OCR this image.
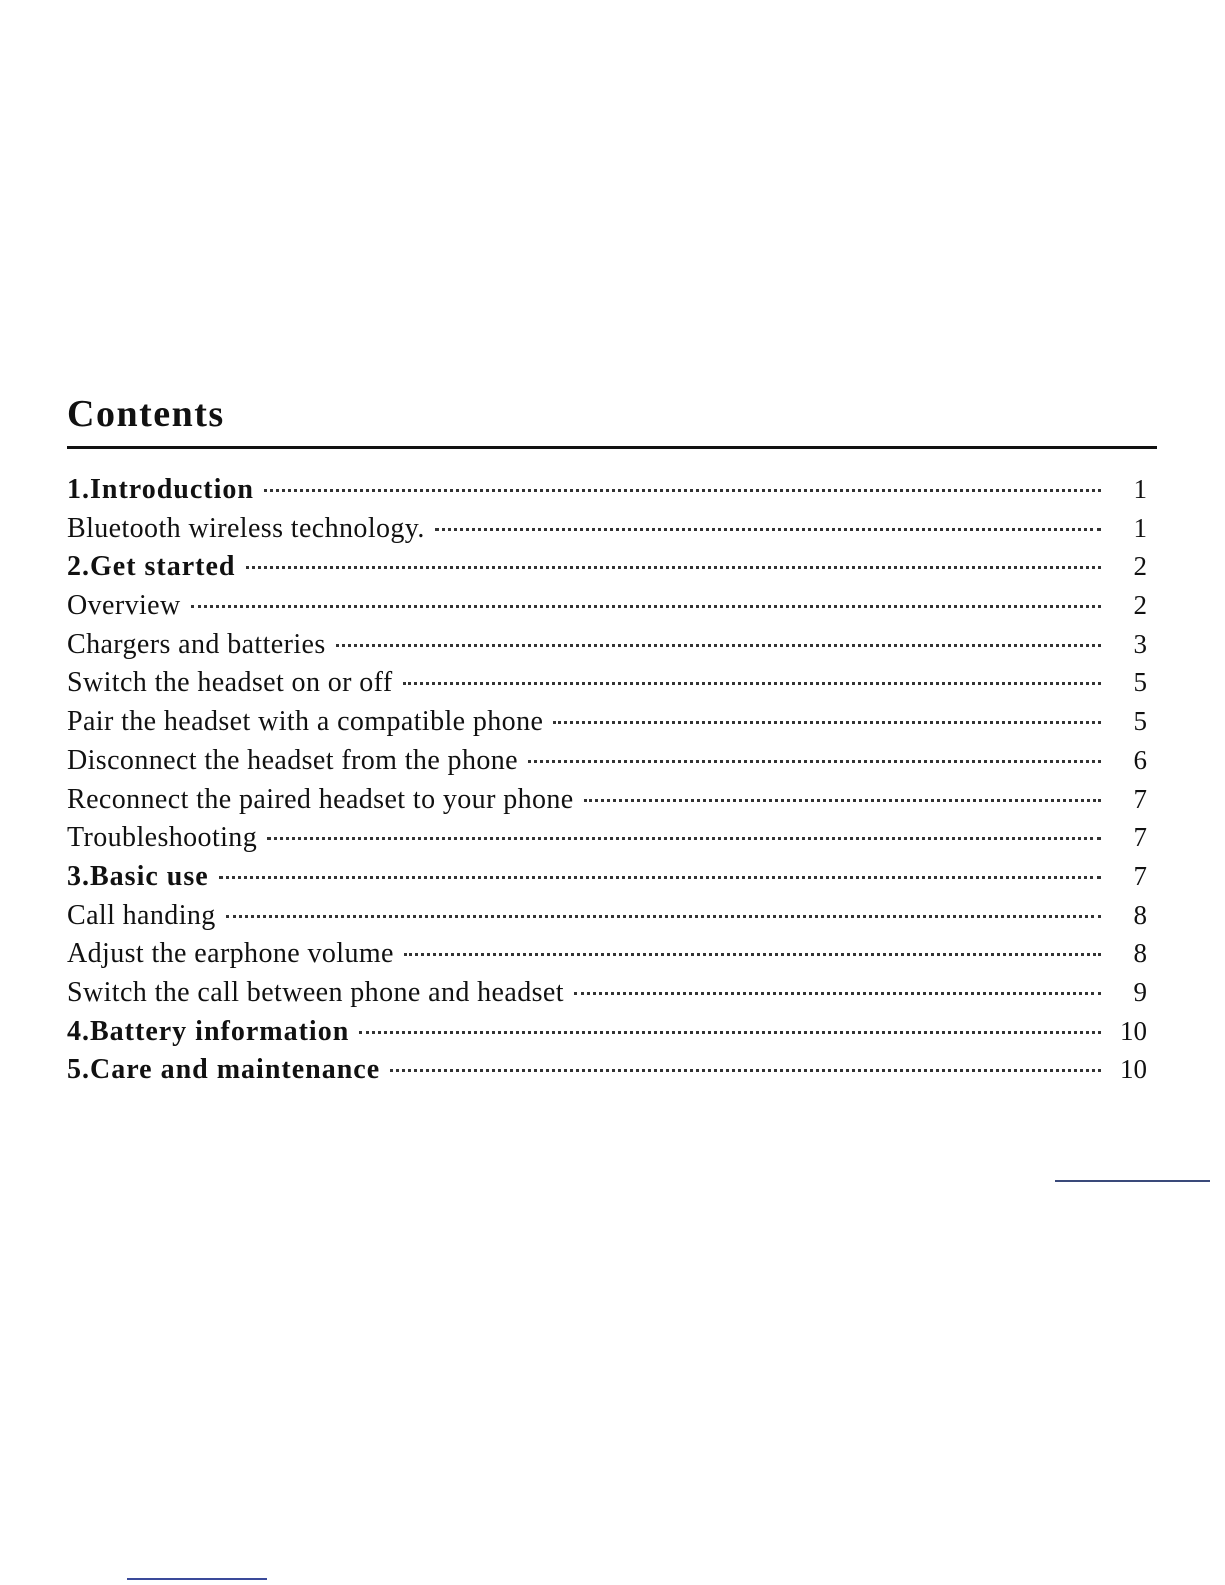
Contents
1.Introduction	1
Bluetooth wireless technology.	1
2.Get started	2
Overview	2
Chargers and batteries	3
Switch the headset on or off	5
Pair the headset with a compatible phone	5
Disconnect the headset from the phone	6
Reconnect the paired headset to your phone	7
Troubleshooting	7
3.Basic use	7
Call handing	8
Adjust the earphone volume	8
Switch the call between phone and headset	9
4.Battery information	10
5.Care and maintenance	10
